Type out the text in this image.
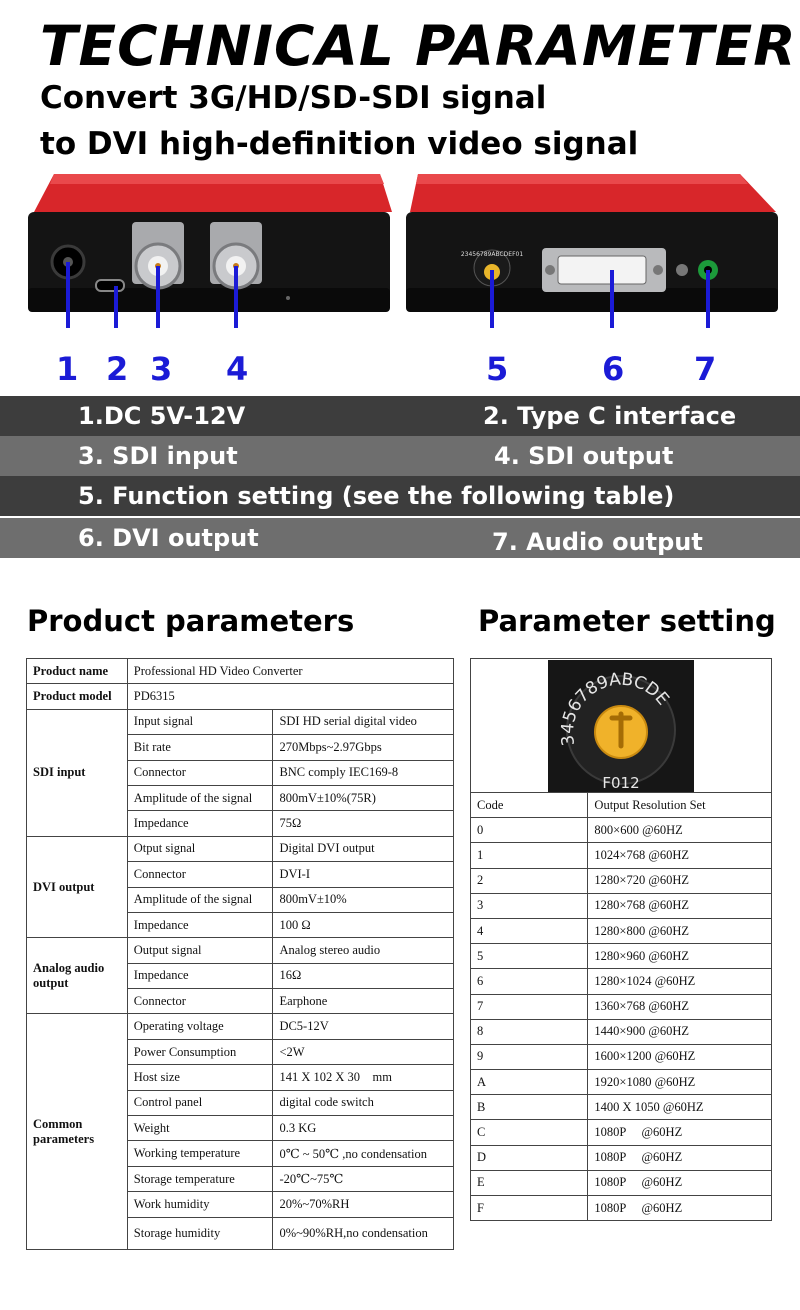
TECHNICAL PARAMETER
Convert 3G/HD/SD-SDI signal
to DVI high-definition video signal
23456789ABCDEF01
1 2 3 4	5	6 7
1.DC 5V-12V	2. Type C interface
3. SDI input	4. SDI output
5. Function setting (see the following table)
6. DVI output	7. Audio output
Product parameters	Parameter setting
Product name	Professional HD Video Converter	
Product model	PD6315	
SDI input	Input signal	SDI HD serial digital video
	Bit rate	270Mbps~2.97Gbps
	Connector	BNC comply IEC169-8
	Amplitude of the signal	800mV±10%(75R)
	Impedance	75Ω
DVI output	Otput signal	Digital DVI output
	Connector	DVI-I
	Amplitude of the signal	800mV±10%
	Impedance	100 Ω
Analog audio
output	Output signal	Analog stereo audio
	Impedance	16Ω
	Connector	Earphone
Common
parameters	Operating voltage	DC5-12V
	Power Consumption	<2W
	Host size	141 X 102 X 30    mm
	Control panel	digital code switch
	Weight	0.3 KG
	Working temperature	0℃ ~ 50℃ ,no condensation
	Storage temperature	-20℃~75℃
	Work humidity	20%~70%RH
	Storage humidity	0%~90%RH,no condensation
3456789ABCDE
F012	

Code	Output Resolution Set
0	800×600 @60HZ
1	1024×768 @60HZ
2	1280×720 @60HZ
3	1280×768 @60HZ
4	1280×800 @60HZ
5	1280×960 @60HZ
6	1280×1024 @60HZ
7	1360×768 @60HZ
8	1440×900 @60HZ
9	1600×1200 @60HZ
A	1920×1080 @60HZ
B	1400 X 1050 @60HZ
C	1080P     @60HZ
D	1080P     @60HZ
E	1080P     @60HZ
F	1080P     @60HZ
